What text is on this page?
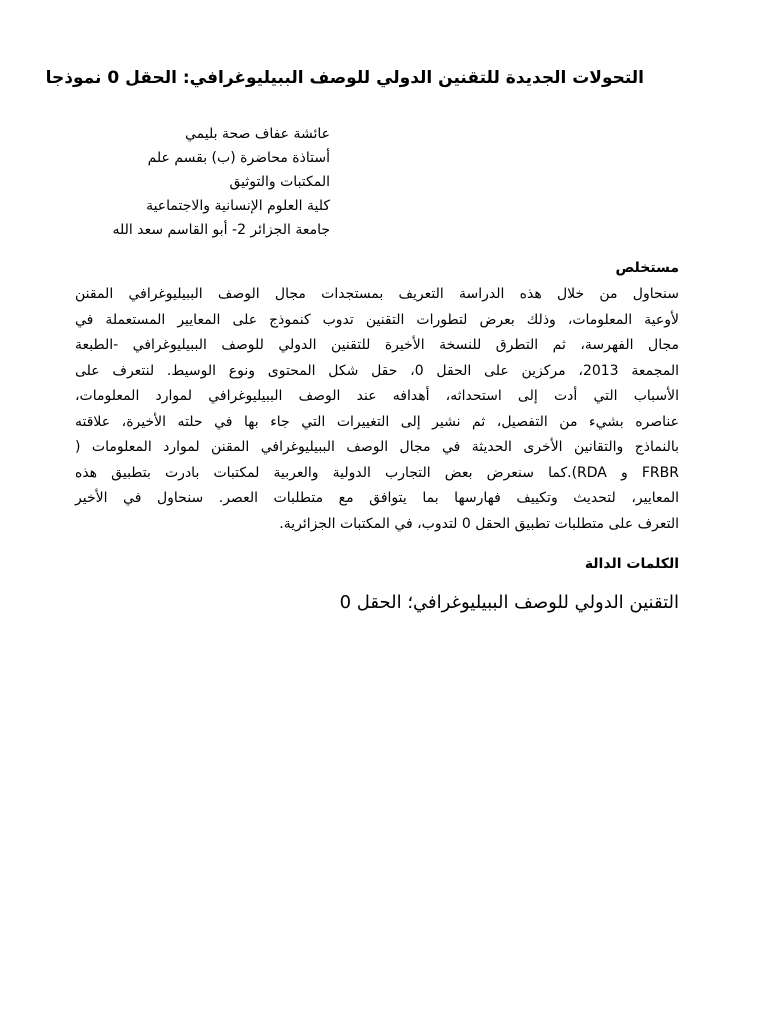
التحولات الجديدة للتقنين الدولي للوصف الببيليوغرافي: الحقل 0 نموذجا
عائشة عفاف صحة بليمي
أستاذة محاضرة (ب) بقسم علم
المكتبات والتوثيق
كلية العلوم الإنسانية والاجتماعية
جامعة الجزائر 2- أبو القاسم سعد الله
مستخلص
سنحاول من خلال هذه الدراسة التعريف بمستجدات مجال الوصف الببيليوغرافي المقنن
لأوعية المعلومات، وذلك بعرض لتطورات التقنين تدوب كنموذج على المعايير المستعملة في
مجال الفهرسة، ثم التطرق للنسخة الأخيرة للتقنين الدولي للوصف الببيليوغرافي -الطبعة
المجمعة 2013، مركزين على الحقل 0، حقل شكل المحتوى ونوع الوسيط. لنتعرف على
الأسباب التي أدت إلى استحداثه، أهدافه عند الوصف الببيليوغرافي لموارد المعلومات،
عناصره بشيء من التفصيل، ثم نشير إلى التغييرات التي جاء بها في حلته الأخيرة، علاقته
بالنماذج والتقانين الأخرى الحديثة في مجال الوصف الببيليوغرافي المقنن لموارد المعلومات (
FRBR و RDA).كما سنعرض بعض التجارب الدولية والعربية لمكتبات بادرت بتطبيق هذه
المعايير، لتحديث وتكييف فهارسها بما يتوافق مع متطلبات العصر. سنحاول في الأخير
التعرف على متطلبات تطبيق الحقل 0 لتدوب، في المكتبات الجزائرية.
الكلمات الدالة
التقنين الدولي للوصف الببيليوغرافي؛ الحقل 0
